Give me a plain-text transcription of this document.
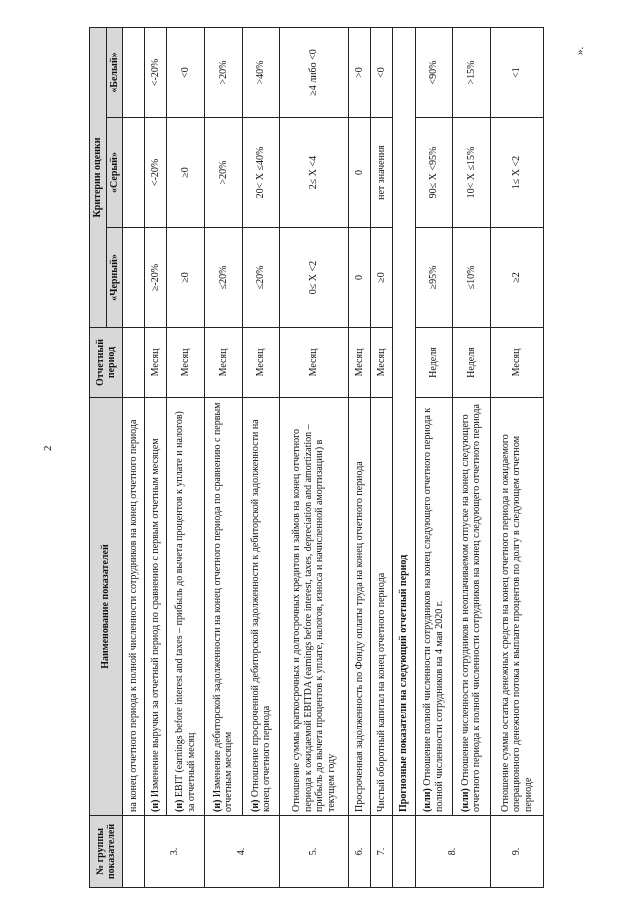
2
№ группы показателей	Наименование показателей	Отчетный период	Критерии оценки		
			«Черный»	«Серый»	«Белый»
	на конец отчетного периода к полной численности сотрудников на конец отчетного периода				
3.	(и) Изменение выручки за отчетный период по сравнению с первым отчетным месяцем	Месяц	≥-20%	<-20%	<-20%
	(и) EBIT (earnings before interest and taxes – прибыль до вычета процентов к уплате и налогов) за отчетный месяц	Месяц	≥0	≥0	<0
4.	(и) Изменение дебиторской задолженности на конец отчетного периода по сравнению с первым отчетным месяцем	Месяц	≤20%	>20%	>20%
	(и) Отношение просроченной дебиторской задолженности к дебиторской задолженности на конец отчетного периода	Месяц	≤20%	20< X ≤40%	>40%
5.	Отношение суммы краткосрочных и долгосрочных кредитов и займов на конец отчетного периода к ожидаемой EBITDA (earnings before interest, taxes, depreciation and amortization – прибыль до вычета процентов к уплате, налогов, износа и начисленной амортизации) в текущем году	Месяц	0≤ X <2	2≤ X <4	≥4 либо <0
6.	Просроченная задолженность по Фонду оплаты труда на конец отчетного периода	Месяц	0	0	>0
7.	Чистый оборотный капитал на конец отчетного периода	Месяц	≥0	нет значения	<0
	Прогнозные показатели на следующий отчетный период				
8.	(или) Отношение полной численности сотрудников на конец следующего отчетного периода к полной численности сотрудников на 4 мая 2020 г.	Неделя	≥95%	90≤ X <95%	<90%
	(или) Отношение численности сотрудников в неоплачиваемом отпуске на конец следующего отчетного периода к полной численности сотрудников на конец следующего отчетного периода	Неделя	≤10%	10< X ≤15%	>15%
9.	Отношение суммы остатка денежных средств на конец отчетного периода и ожидаемого операционного денежного потока к выплате процентов по долгу в следующем отчетном периоде	Месяц	≥2	1≤ X <2	<1
».
